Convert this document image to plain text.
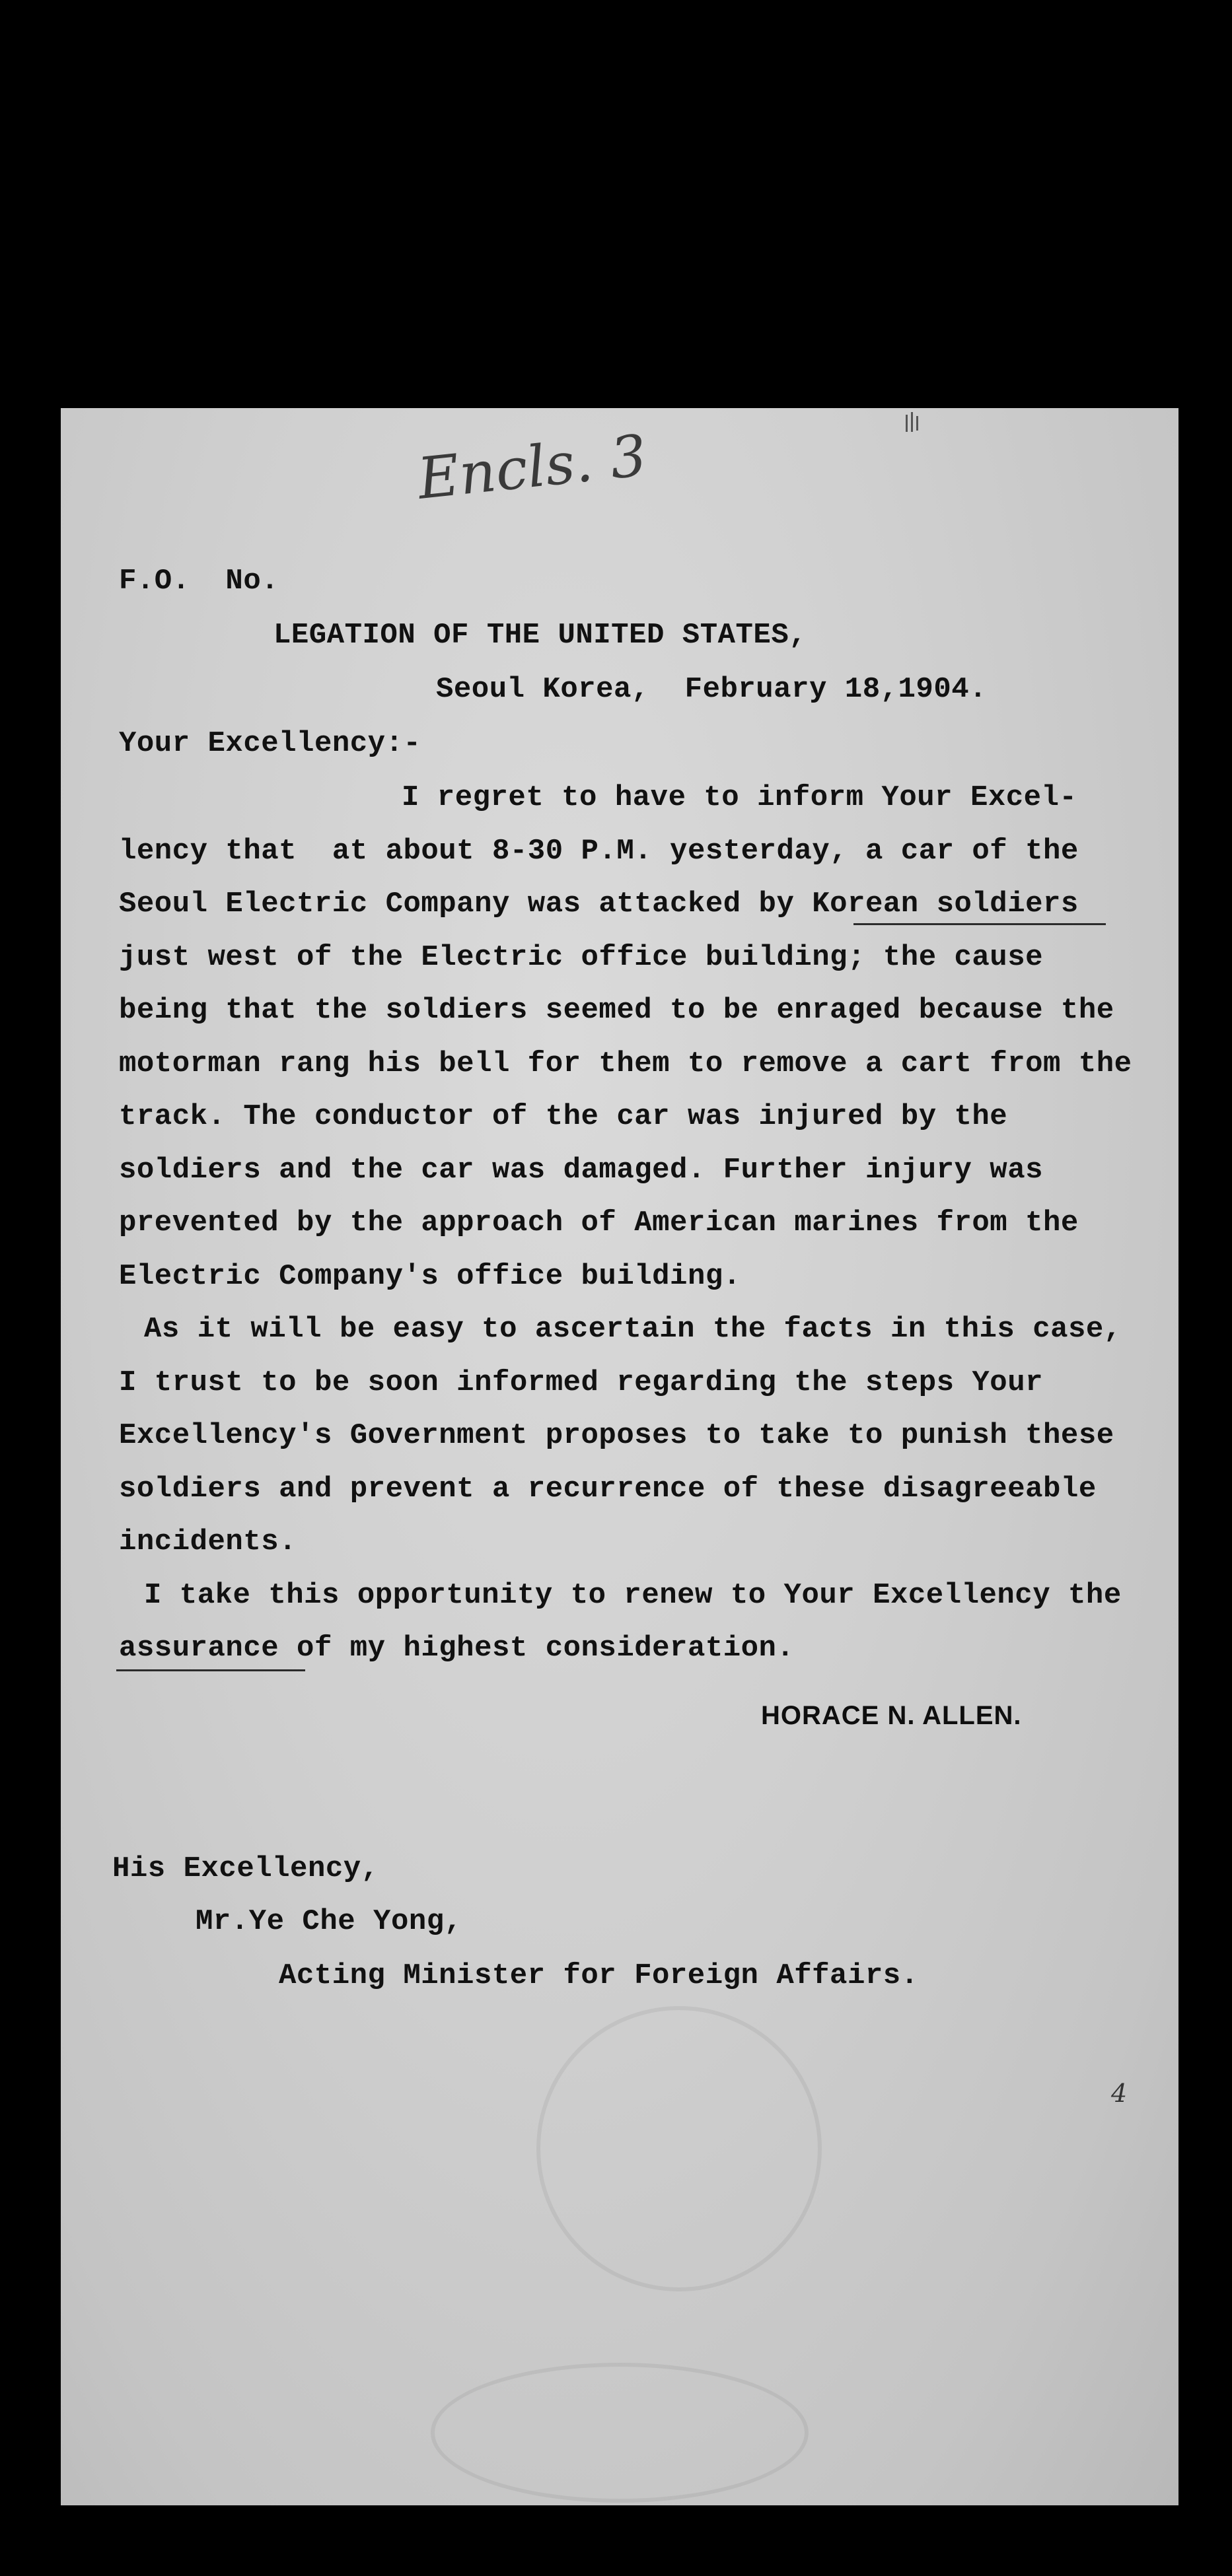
Encls. 3
F.O.  No.
LEGATION OF THE UNITED STATES,
Seoul Korea,  February 18,1904.
Your Excellency:-
I regret to have to inform Your Excel-
lency that  at about 8-30 P.M. yesterday, a car of the
Seoul Electric Company was attacked by Korean soldiers
just west of the Electric office building; the cause
being that the soldiers seemed to be enraged because the
motorman rang his bell for them to remove a cart from the
track. The conductor of the car was injured by the
soldiers and the car was damaged. Further injury was
prevented by the approach of American marines from the
Electric Company's office building.
As it will be easy to ascertain the facts in this case,
I trust to be soon informed regarding the steps Your
Excellency's Government proposes to take to punish these
soldiers and prevent a recurrence of these disagreeable
incidents.
I take this opportunity to renew to Your Excellency the
assurance of my highest consideration.
HORACE N. ALLEN.
His Excellency,
Mr.Ye Che Yong,
Acting Minister for Foreign Affairs.
4
